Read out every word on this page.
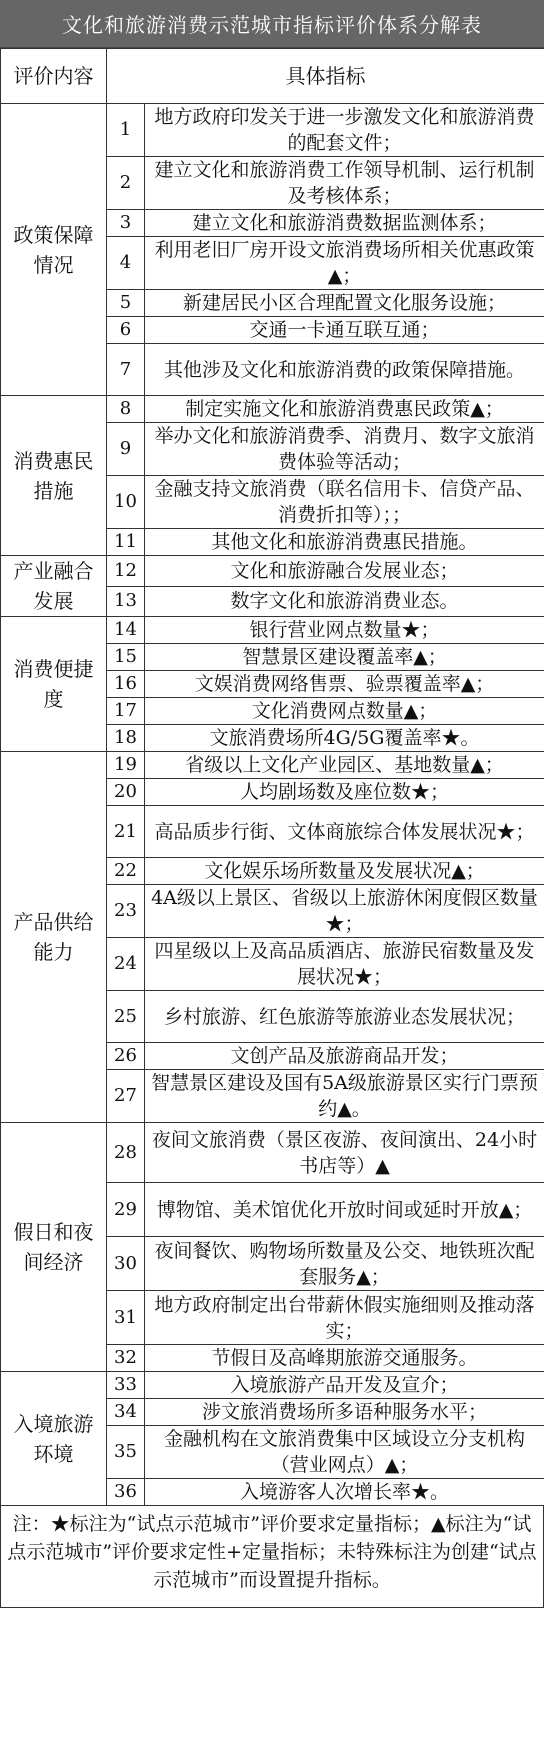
文化和旅游消费示范城市指标评价体系分解表
评价内容	具体指标	
政策保障情况	1	地方政府印发关于进一步激发文化和旅游消费的配套文件；
	2	建立文化和旅游消费工作领导机制、运行机制及考核体系；
	3	建立文化和旅游消费数据监测体系；
	4	利用老旧厂房开设文旅消费场所相关优惠政策▲；
	5	新建居民小区合理配置文化服务设施；
	6	交通一卡通互联互通；
	7	其他涉及文化和旅游消费的政策保障措施。
消费惠民措施	8	制定实施文化和旅游消费惠民政策▲；
	9	举办文化和旅游消费季、消费月、数字文旅消费体验等活动；
	10	金融支持文旅消费（联名信用卡、信贷产品、消费折扣等）；；
	11	其他文化和旅游消费惠民措施。
产业融合发展	12	文化和旅游融合发展业态；
	13	数字文化和旅游消费业态。
消费便捷度	14	银行营业网点数量★；
	15	智慧景区建设覆盖率▲；
	16	文娱消费网络售票、验票覆盖率▲；
	17	文化消费网点数量▲；
	18	文旅消费场所4G/5G覆盖率★。
产品供给能力	19	省级以上文化产业园区、基地数量▲；
	20	人均剧场数及座位数★；
	21	高品质步行街、文体商旅综合体发展状况★；
	22	文化娱乐场所数量及发展状况▲；
	23	4A级以上景区、省级以上旅游休闲度假区数量★；
	24	四星级以上及高品质酒店、旅游民宿数量及发展状况★；
	25	乡村旅游、红色旅游等旅游业态发展状况；
	26	文创产品及旅游商品开发；
	27	智慧景区建设及国有5A级旅游景区实行门票预约▲。
假日和夜间经济	28	夜间文旅消费（景区夜游、夜间演出、24小时书店等）▲
	29	博物馆、美术馆优化开放时间或延时开放▲；
	30	夜间餐饮、购物场所数量及公交、地铁班次配套服务▲；
	31	地方政府制定出台带薪休假实施细则及推动落实；
	32	节假日及高峰期旅游交通服务。
入境旅游环境	33	入境旅游产品开发及宣介；
	34	涉文旅消费场所多语种服务水平；
	35	金融机构在文旅消费集中区域设立分支机构（营业网点）▲；
	36	入境游客人次增长率★。
注：★标注为“试点示范城市”评价要求定量指标；▲标注为“试点示范城市”评价要求定性+定量指标；未特殊标注为创建“试点示范城市”而设置提升指标。
